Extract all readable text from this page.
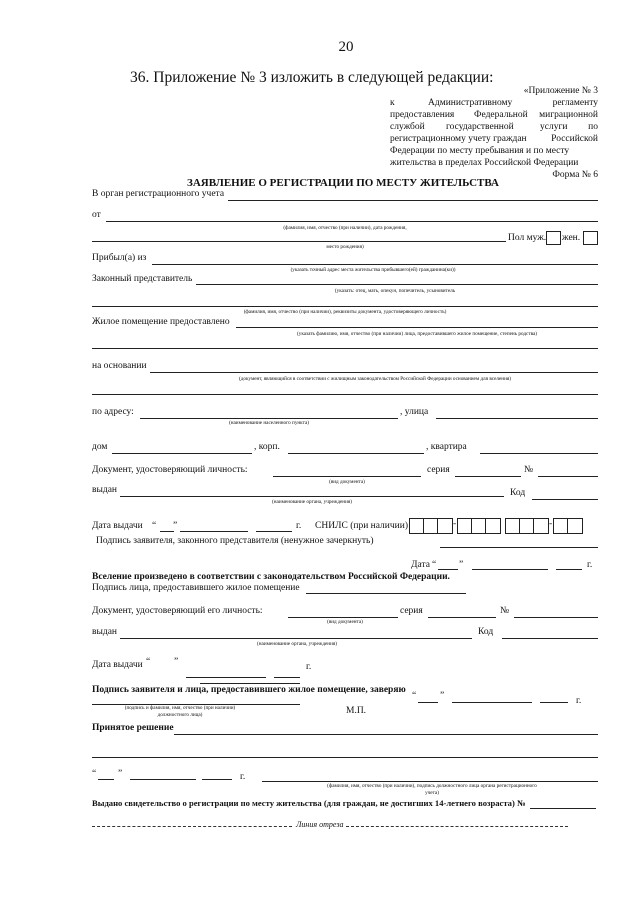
20
36. Приложение № 3 изложить в следующей редакции:
«Приложение № 3
к	Административному	регламенту
предоставления Федеральной миграционной
службой государственной	услуги по
регистрационному учету граждан	Российской
Федерации по месту пребывания и по месту
жительства в пределах Российской Федерации
Форма № 6
ЗАЯВЛЕНИЕ О РЕГИСТРАЦИИ ПО МЕСТУ ЖИТЕЛЬСТВА
В орган регистрационного учета
от
(фамилия, имя, отчество (при наличии), дата рождения,
Пол муж. жен.
место рождения)
Прибыл(а) из
(указать точный адрес места жительства прибывшего(ей) гражданина(ки))
Законный представитель
(указать: отец, мать, опекун, попечитель, усыновитель
(фамилия, имя, отчество (при наличии), реквизиты документа, удостоверяющего личность)
Жилое помещение предоставлено
(указать фамилию, имя, отчество (при наличии) лица, предоставившего жилое помещение, степень родства)
на основании
(документ, являющийся в соответствии с жилищным законодательством Российской Федерации основанием для вселения)
по адресу:	, улица
(наименование населенного пункта)
дом	, корп.	, квартира
Документ, удостоверяющий личность:	серия	№
(вид документа)
выдан	Код
(наименование органа, учреждения)
Дата выдачи “ ”	г. СНИЛС (при наличии)	-	-
Подпись заявителя, законного представителя (ненужное зачеркнуть)
Дата “ ”	г.
Вселение произведено в соответствии с законодательством Российской Федерации.
Подпись лица, предоставившего жилое помещение
Документ, удостоверяющий его личность:	серия	№
(вид документа)
выдан	Код
(наименование органа, учреждения)
Дата выдачи “	”	г.
Подпись заявителя и лица, предоставившего жилое помещение, заверяю
“	”	г.
(подпись и фамилия, имя, отчество (при наличии)
должностного лица)	М.П.
Принятое решение
“ ”	г.
(фамилия, имя, отчество (при наличии), подпись должностного лица органа регистрационного
учета)
Выдано свидетельство о регистрации по месту жительства (для граждан, не достигших 14-летнего возраста) №
Линия отреза
